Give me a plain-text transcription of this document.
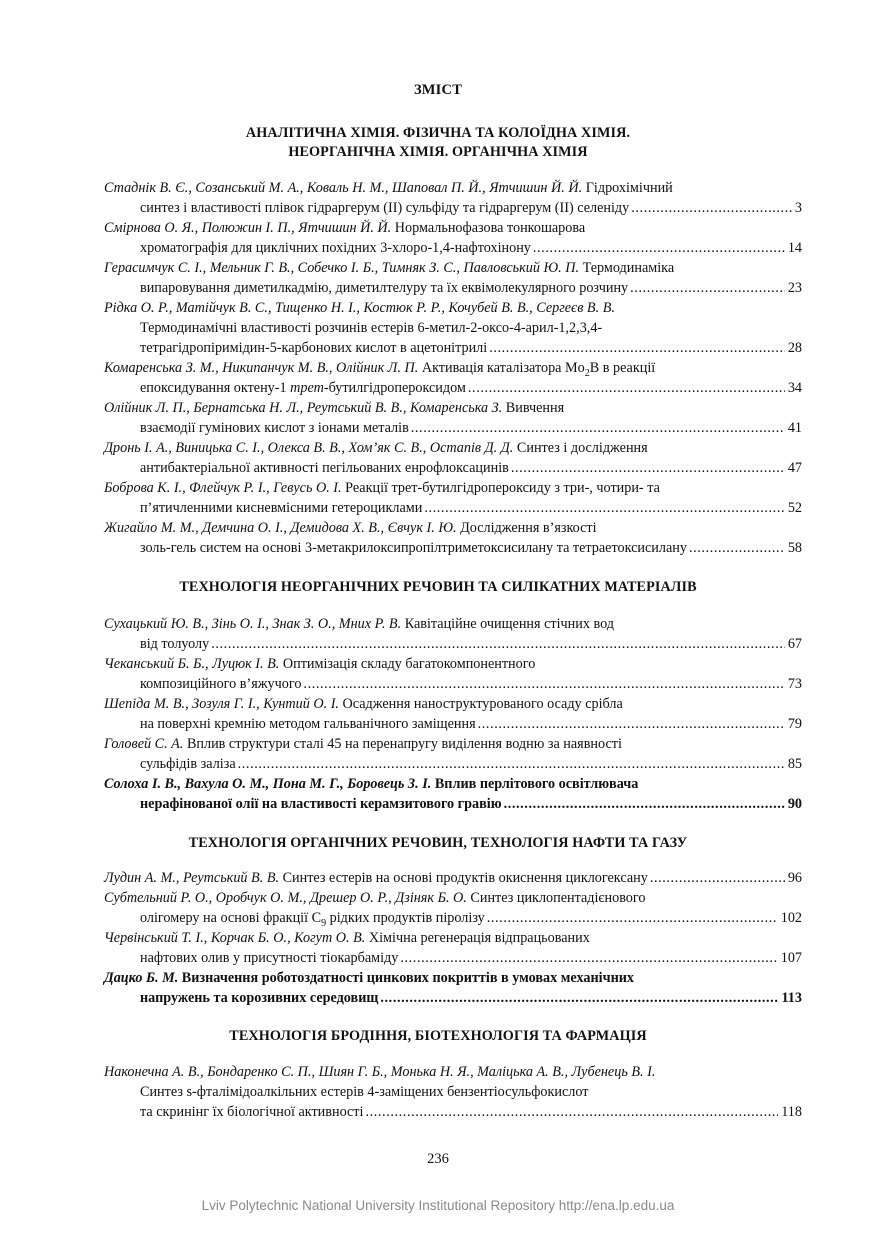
ЗМІСТ
АНАЛІТИЧНА ХІМІЯ. ФІЗИЧНА ТА КОЛОЇДНА ХІМІЯ.
НЕОРГАНІЧНА ХІМІЯ. ОРГАНІЧНА ХІМІЯ
Стаднік В. Є., Созанський М. А., Коваль Н. М., Шаповал П. Й., Ятчишин Й. Й. Гідрохімічний
синтез і властивості плівок гідраргерум (ІІ) сульфіду та гідраргерум (ІІ) селеніду .....	3
Смірнова О. Я., Полюжин І. П., Ятчишин Й. Й. Нормальнофазова тонкошарова
хроматографія для циклічних похідних 3-хлоро-1,4-нафтохінону .....	14
Герасимчук С. І., Мельник Г. В., Собечко І. Б., Тимняк З. С., Павловський Ю. П. Термодинаміка
випаровування диметилкадмію, диметилтелуру та їх еквімолекулярного розчину .....	23
Рідка О. Р., Матійчук В. С., Тищенко Н. І., Костюк Р. Р., Кочубей В. В., Сергеєв В. В.
Термодинамічні властивості розчинів естерів 6-метил-2-оксо-4-арил-1,2,3,4-
тетрагідропіримідин-5-карбонових кислот в ацетонітрилі .....	28
Комаренська З. М., Никипанчук М. В., Олійник Л. П. Активація каталізатора $Mo_2B$ в реакції
епоксидування октену-1 трет-бутилгідропероксидом .....	34
Олійник Л. П., Бернатська Н. Л., Реутський В. В., Комаренська З. Вивчення
взаємодії гумінових кислот з іонами металів .....	41
Дронь І. А., Виницька С. І., Олекса В. В., Хом’як С. В., Остапів Д. Д. Синтез і дослідження
антибактеріальної активності пегільованих енрофлоксацинів .....	47
Боброва К. І., Флейчук Р. І., Гевусь О. І. Реакції трет-бутилгідропероксиду з три-, чотири- та
п’ятичленними кисневмісними гетероциклами .....	52
Жигайло М. М., Демчина О. І., Демидова Х. В., Євчук І. Ю. Дослідження в’язкості
золь-гель систем на основі 3-метакрилоксипропілтриметоксисилану та тетраетоксисилану .....	58
ТЕХНОЛОГІЯ НЕОРГАНІЧНИХ РЕЧОВИН ТА СИЛІКАТНИХ МАТЕРІАЛІВ
Сухацький Ю. В., Зінь О. І., Знак З. О., Мних Р. В. Кавітаційне очищення стічних вод
від толуолу .....	67
Чеканський Б. Б., Луцюк І. В. Оптимізація складу багатокомпонентного
композиційного в’яжучого .....	73
Шепіда М. В., Зозуля Г. І., Кунтий О. І. Осадження наноструктурованого осаду срібла
на поверхні кремнію методом гальванічного заміщення .....	79
Головей С. А. Вплив структури сталі 45 на перенапругу виділення водню за наявності
сульфідів заліза .....	85
Солоха І. В., Вахула О. М., Пона М. Г., Боровець З. І. Вплив перлітового освітлювача
нерафінованої олії на властивості керамзитового гравію .....	90
ТЕХНОЛОГІЯ ОРГАНІЧНИХ РЕЧОВИН, ТЕХНОЛОГІЯ НАФТИ ТА ГАЗУ
Лудин А. М., Реутський В. В. Синтез естерів на основі продуктів окиснення циклогексану .....	96
Субтельний Р. О., Оробчук О. М., Дрешер О. Р., Дзіняк Б. О. Синтез циклопентадієнового
олігомеру на основі фракції $C_9$ рідких продуктів піролізу .....	102
Червінський Т. І., Корчак Б. О., Когут О. В. Хімічна регенерація відпрацьованих
нафтових олив у присутності тіокарбаміду .....	107
Дацко Б. М. Визначення роботоздатності цинкових покриттів в умовах механічних
напружень та корозивних середовищ .....	113
ТЕХНОЛОГІЯ БРОДІННЯ, БІОТЕХНОЛОГІЯ ТА ФАРМАЦІЯ
Наконечна А. В., Бондаренко С. П., Шиян Г. Б., Монька Н. Я., Маліцька А. В., Лубенець В. І.
Синтез s-фталімідоалкільних естерів 4-заміщених бензентіосульфокислот
та скринінг їх біологічної активності .....	118
236
Lviv Polytechnic National University Institutional Repository http://ena.lp.edu.ua
